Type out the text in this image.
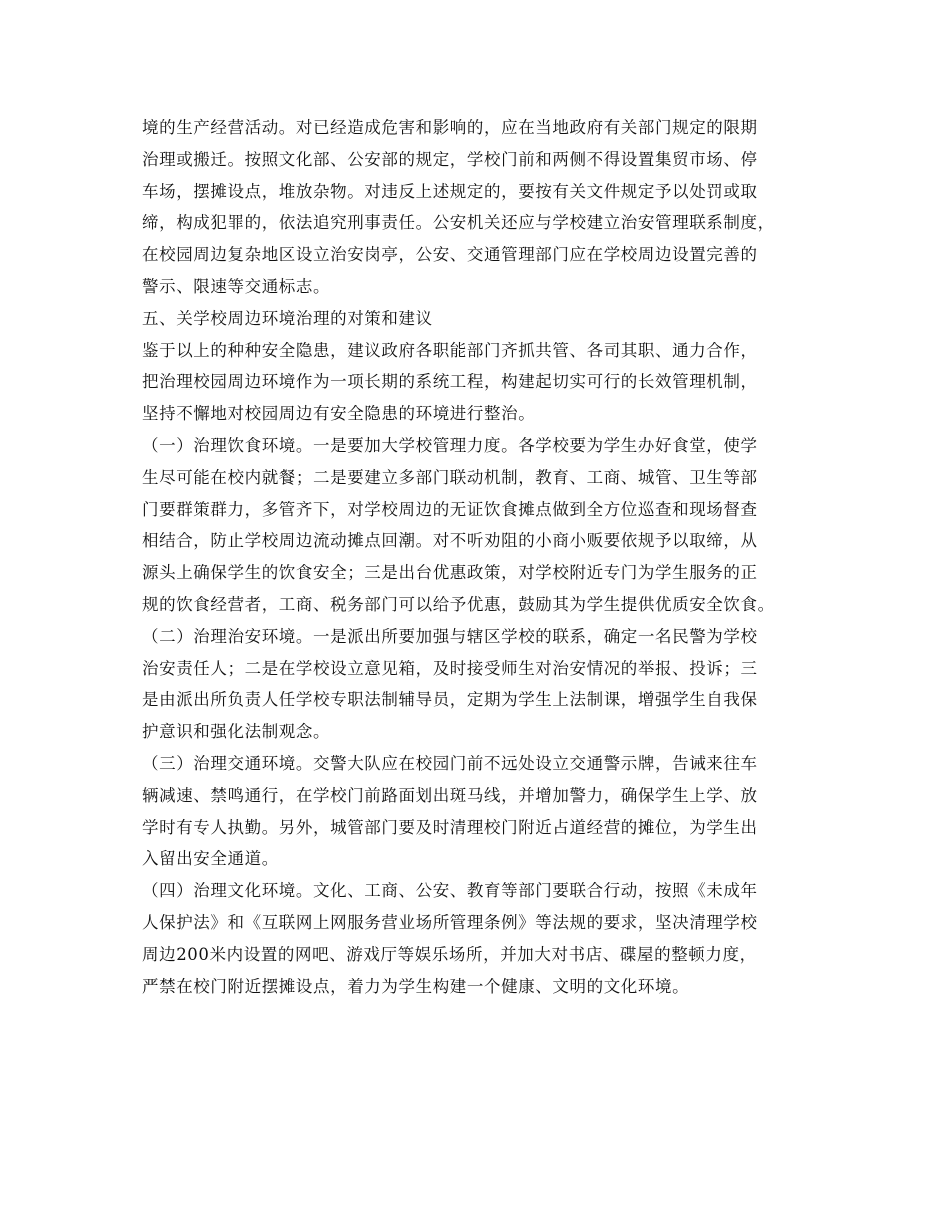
境的生产经营活动。对已经造成危害和影响的，应在当地政府有关部门规定的限期
治理或搬迁。按照文化部、公安部的规定，学校门前和两侧不得设置集贸市场、停
车场，摆摊设点，堆放杂物。对违反上述规定的，要按有关文件规定予以处罚或取
缔，构成犯罪的，依法追究刑事责任。公安机关还应与学校建立治安管理联系制度，
在校园周边复杂地区设立治安岗亭，公安、交通管理部门应在学校周边设置完善的
警示、限速等交通标志。
五、关学校周边环境治理的对策和建议
鉴于以上的种种安全隐患，建议政府各职能部门齐抓共管、各司其职、通力合作，
把治理校园周边环境作为一项长期的系统工程，构建起切实可行的长效管理机制，
坚持不懈地对校园周边有安全隐患的环境进行整治。
（一）治理饮食环境。一是要加大学校管理力度。各学校要为学生办好食堂，使学
生尽可能在校内就餐；二是要建立多部门联动机制，教育、工商、城管、卫生等部
门要群策群力，多管齐下，对学校周边的无证饮食摊点做到全方位巡查和现场督查
相结合，防止学校周边流动摊点回潮。对不听劝阻的小商小贩要依规予以取缔，从
源头上确保学生的饮食安全；三是出台优惠政策，对学校附近专门为学生服务的正
规的饮食经营者，工商、税务部门可以给予优惠，鼓励其为学生提供优质安全饮食。
（二）治理治安环境。一是派出所要加强与辖区学校的联系，确定一名民警为学校
治安责任人；二是在学校设立意见箱，及时接受师生对治安情况的举报、投诉；三
是由派出所负责人任学校专职法制辅导员，定期为学生上法制课，增强学生自我保
护意识和强化法制观念。
（三）治理交通环境。交警大队应在校园门前不远处设立交通警示牌，告诫来往车
辆减速、禁鸣通行，在学校门前路面划出斑马线，并增加警力，确保学生上学、放
学时有专人执勤。另外，城管部门要及时清理校门附近占道经营的摊位，为学生出
入留出安全通道。
（四）治理文化环境。文化、工商、公安、教育等部门要联合行动，按照《未成年
人保护法》和《互联网上网服务营业场所管理条例》等法规的要求，坚决清理学校
周边200米内设置的网吧、游戏厅等娱乐场所，并加大对书店、碟屋的整顿力度，
严禁在校门附近摆摊设点，着力为学生构建一个健康、文明的文化环境。
